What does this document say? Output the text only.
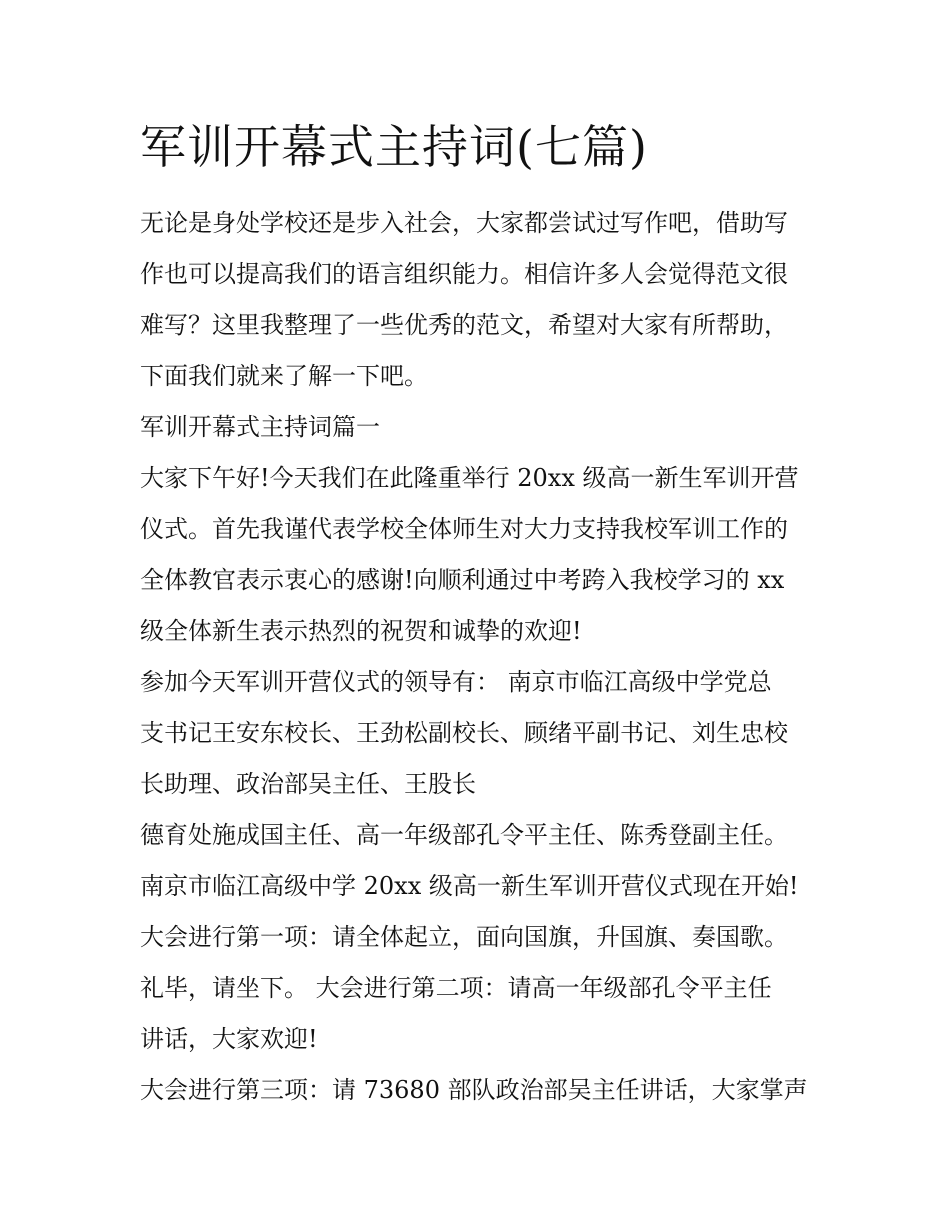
军训开幕式主持词(七篇)
无论是身处学校还是步入社会，大家都尝试过写作吧，借助写
作也可以提高我们的语言组织能力。相信许多人会觉得范文很
难写？这里我整理了一些优秀的范文，希望对大家有所帮助，
下面我们就来了解一下吧。
军训开幕式主持词篇一
大家下午好!今天我们在此隆重举行 20xx 级高一新生军训开营
仪式。首先我谨代表学校全体师生对大力支持我校军训工作的
全体教官表示衷心的感谢!向顺利通过中考跨入我校学习的 xx
级全体新生表示热烈的祝贺和诚挚的欢迎!
参加今天军训开营仪式的领导有： 南京市临江高级中学党总
支书记王安东校长、王劲松副校长、顾绪平副书记、刘生忠校
长助理、政治部吴主任、王股长
德育处施成国主任、高一年级部孔令平主任、陈秀登副主任。
南京市临江高级中学 20xx 级高一新生军训开营仪式现在开始!
大会进行第一项：请全体起立，面向国旗，升国旗、奏国歌。
礼毕，请坐下。 大会进行第二项：请高一年级部孔令平主任
讲话，大家欢迎!
大会进行第三项：请 73680 部队政治部吴主任讲话，大家掌声
